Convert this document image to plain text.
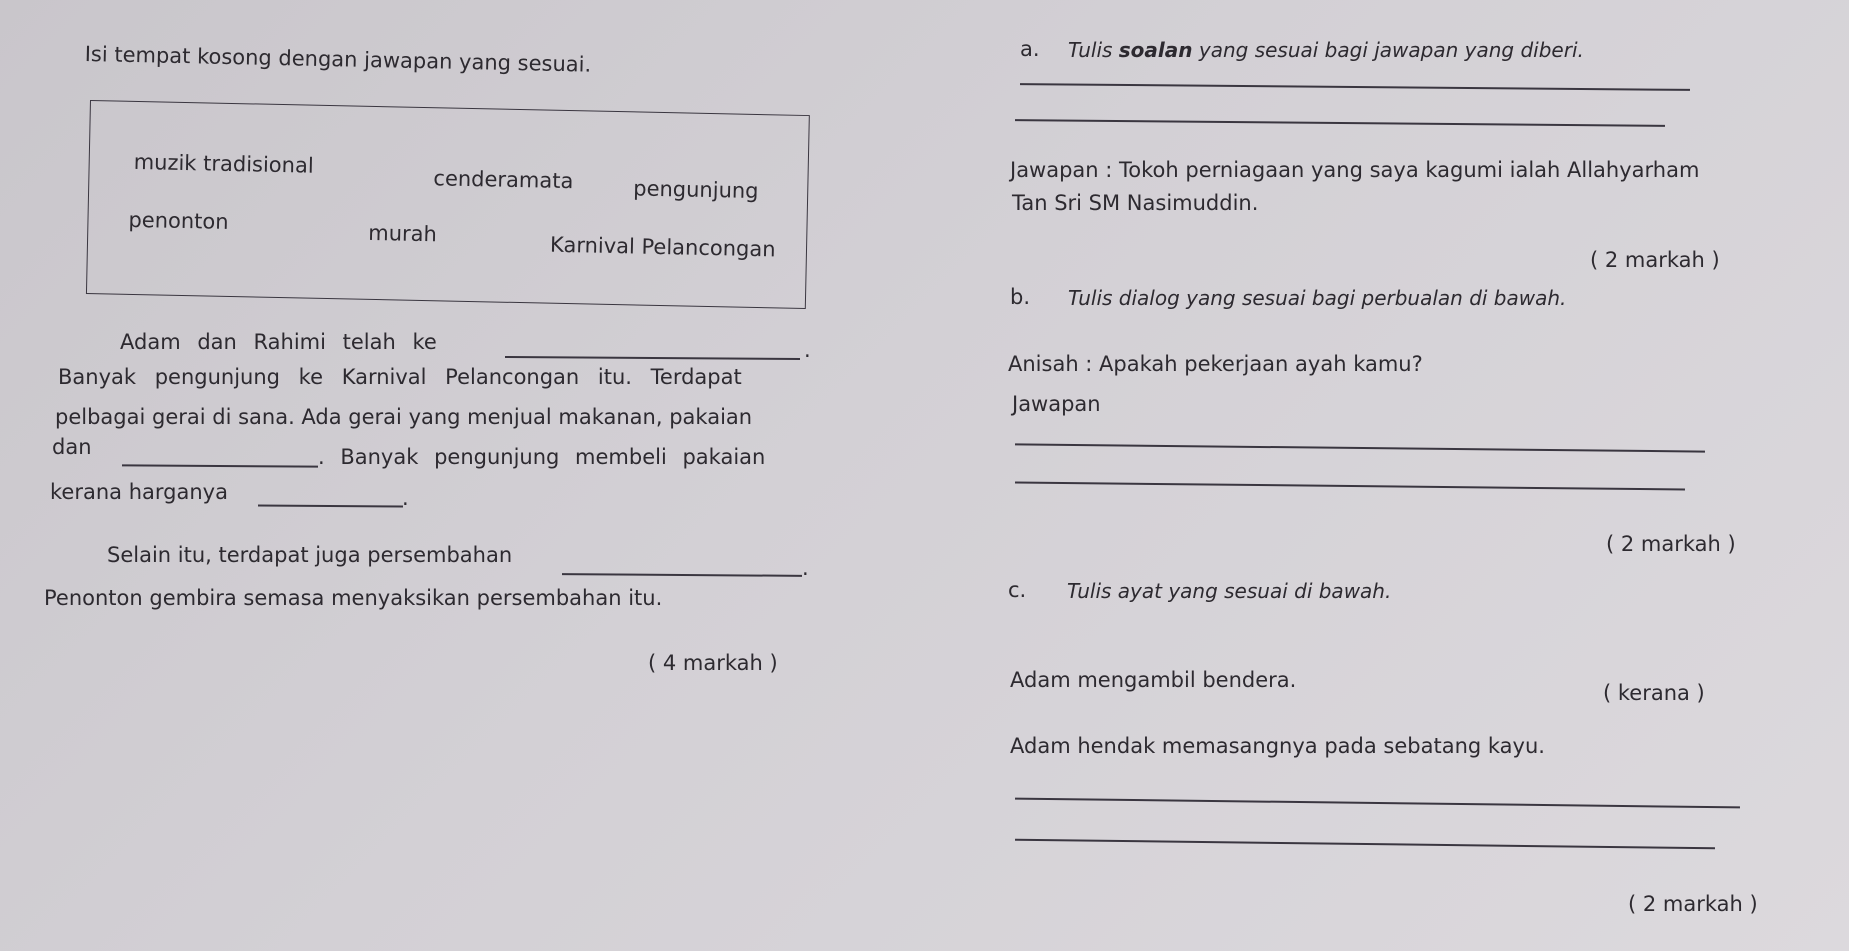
Isi tempat kosong dengan jawapan yang sesuai.
muzik tradisional
cenderamata	pengunjung
penonton	murah	Karnival Pelancongan
Adam dan Rahimi telah ke	.
Banyak pengunjung ke Karnival Pelancongan itu. Terdapat
pelbagai gerai di sana. Ada gerai yang menjual makanan, pakaian
dan	. Banyak pengunjung membeli pakaian
kerana harganya	.
Selain itu, terdapat juga persembahan
.
Penonton gembira semasa menyaksikan persembahan itu.
( 4 markah )
a. Tulis soalan yang sesuai bagi jawapan yang diberi.
Jawapan : Tokoh perniagaan yang saya kagumi ialah Allahyarham
Tan Sri SM Nasimuddin.
( 2 markah )
b. Tulis dialog yang sesuai bagi perbualan di bawah.
Anisah : Apakah pekerjaan ayah kamu?
Jawapan
( 2 markah )
c. Tulis ayat yang sesuai di bawah.
Adam mengambil bendera.
( kerana )
Adam hendak memasangnya pada sebatang kayu.
( 2 markah )
